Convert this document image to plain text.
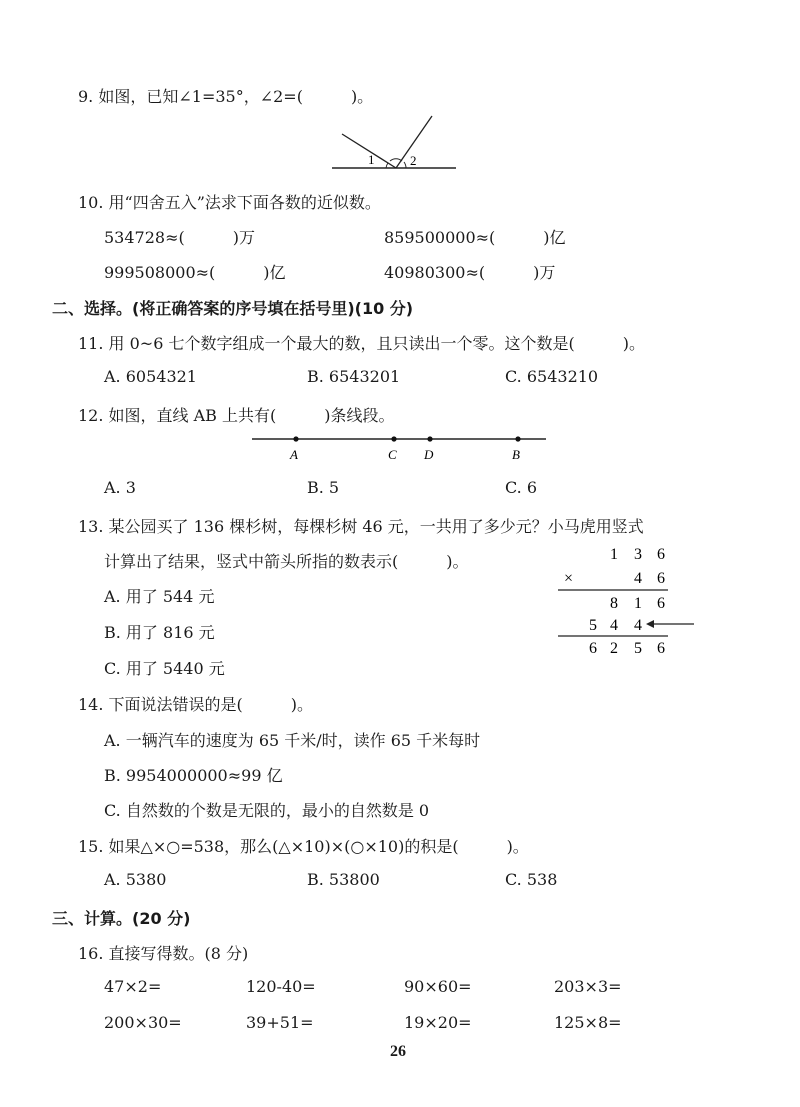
9. 如图，已知∠1=35°，∠2=(　　　)。
1	2
10. 用“四舍五入”法求下面各数的近似数。
534728≈(　　　)万	859500000≈(　　　)亿
999508000≈(　　　)亿	40980300≈(　　　)万
二、选择。(将正确答案的序号填在括号里)(10 分)
11. 用 0~6 七个数字组成一个最大的数，且只读出一个零。这个数是(　　　)。
A. 6054321	B. 6543201	C. 6543210
12. 如图，直线 AB 上共有(　　　)条线段。
A	C D	B
A. 3	B. 5	C. 6
13. 某公园买了 136 棵杉树，每棵杉树 46 元，一共用了多少元？小马虎用竖式
计算出了结果，竖式中箭头所指的数表示(　　　)。
A. 用了 544 元
B. 用了 816 元
C. 用了 5440 元
1 3 6
×	4 6
8 1 6
5 4 4
6 2 5 6
14. 下面说法错误的是(　　　)。
A. 一辆汽车的速度为 65 千米/时，读作 65 千米每时
B. 9954000000≈99 亿
C. 自然数的个数是无限的，最小的自然数是 0
15. 如果△×○=538，那么(△×10)×(○×10)的积是(　　　)。
A. 5380	B. 53800	C. 538
三、计算。(20 分)
16. 直接写得数。(8 分)
47×2=	120-40=	90×60=	203×3=
200×30=	39+51=	19×20=	125×8=
26
